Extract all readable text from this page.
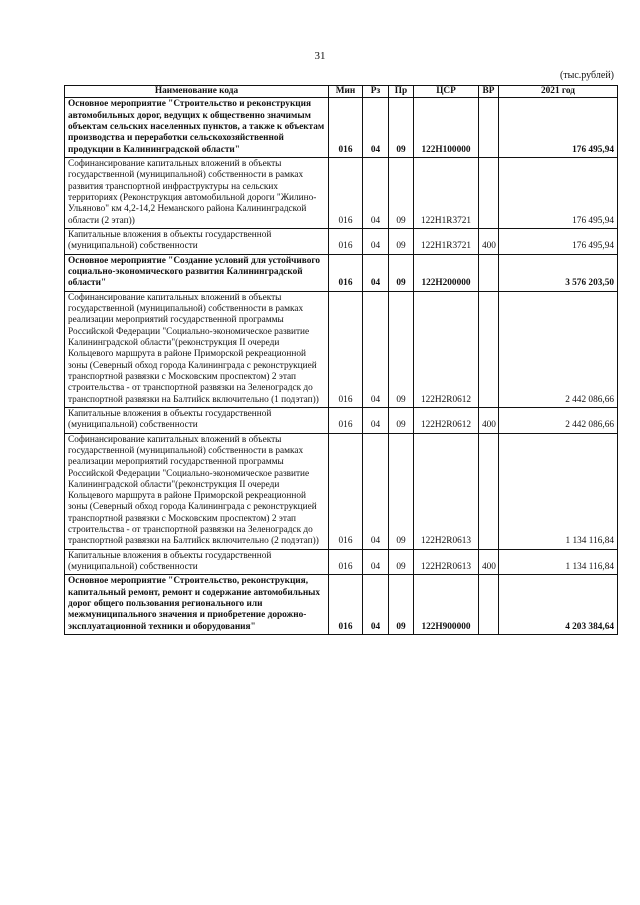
31
(тыс.рублей)
Наименование кода	Мин	Рз	Пр	ЦСР	ВР	2021 год
Основное мероприятие "Строительство и реконструкция автомобильных дорог, ведущих к общественно значимым объектам сельских населенных пунктов, а также к объектам производства и переработки сельскохозяйственной продукции в Калининградской области"	016	04	09	122H100000		176 495,94
Софинансирование капитальных вложений в объекты государственной (муниципальной) собственности в рамках развития транспортной инфраструктуры на сельских территориях (Реконструкция автомобильной дороги "Жилино-Ульяново" км 4,2-14,2 Неманского района Калининградской области (2 этап))	016	04	09	122H1R3721		176 495,94
Капитальные вложения в объекты государственной (муниципальной) собственности	016	04	09	122H1R3721	400	176 495,94
Основное мероприятие "Создание условий для устойчивого социально-экономического развития Калининградской области"	016	04	09	122H200000		3 576 203,50
Софинансирование капитальных вложений в объекты государственной (муниципальной) собственности в рамках реализации мероприятий государственной программы Российской Федерации "Социально-экономическое развитие Калининградской области"(реконструкция II очереди Кольцевого маршрута в районе Приморской рекреационной зоны (Северный обход города Калининграда с реконструкцией транспортной развязки с Московским проспектом) 2 этап строительства - от транспортной развязки на Зеленоградск до транспортной развязки на Балтийск включительно (1 подэтап))	016	04	09	122H2R0612		2 442 086,66
Капитальные вложения в объекты государственной (муниципальной) собственности	016	04	09	122H2R0612	400	2 442 086,66
Софинансирование капитальных вложений в объекты государственной (муниципальной) собственности в рамках реализации мероприятий государственной программы Российской Федерации "Социально-экономическое развитие Калининградской области"(реконструкция II очереди Кольцевого маршрута в районе Приморской рекреационной зоны (Северный обход города Калининграда с реконструкцией транспортной развязки с Московским проспектом) 2 этап строительства - от транспортной развязки на Зеленоградск до транспортной развязки на Балтийск включительно (2 подэтап))	016	04	09	122H2R0613		1 134 116,84
Капитальные вложения в объекты государственной (муниципальной) собственности	016	04	09	122H2R0613	400	1 134 116,84
Основное мероприятие "Строительство, реконструкция, капитальный ремонт, ремонт и содержание автомобильных дорог общего пользования регионального или межмуниципального значения и приобретение дорожно-эксплуатационной техники и оборудования"	016	04	09	122H900000		4 203 384,64
